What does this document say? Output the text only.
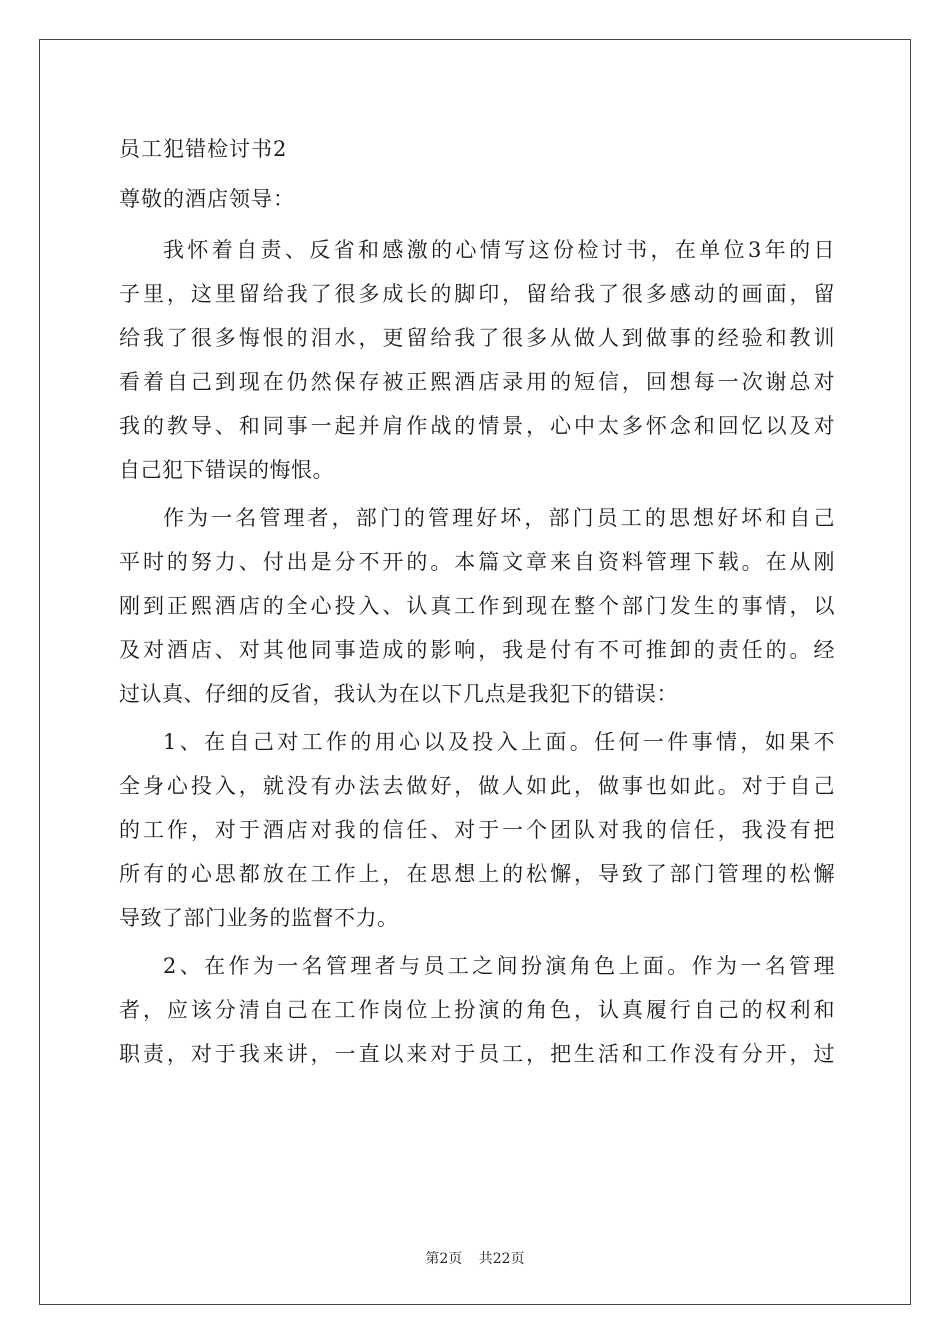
员工犯错检讨书2
尊敬的酒店领导：
我怀着自责、反省和感激的心情写这份检讨书，在单位3年的日
子里，这里留给我了很多成长的脚印，留给我了很多感动的画面，留
给我了很多悔恨的泪水，更留给我了很多从做人到做事的经验和教训
看着自己到现在仍然保存被正熙酒店录用的短信，回想每一次谢总对
我的教导、和同事一起并肩作战的情景，心中太多怀念和回忆以及对
自己犯下错误的悔恨。
作为一名管理者，部门的管理好坏，部门员工的思想好坏和自己
平时的努力、付出是分不开的。本篇文章来自资料管理下载。在从刚
刚到正熙酒店的全心投入、认真工作到现在整个部门发生的事情，以
及对酒店、对其他同事造成的影响，我是付有不可推卸的责任的。经
过认真、仔细的反省，我认为在以下几点是我犯下的错误：
1、在自己对工作的用心以及投入上面。任何一件事情，如果不
全身心投入，就没有办法去做好，做人如此，做事也如此。对于自己
的工作，对于酒店对我的信任、对于一个团队对我的信任，我没有把
所有的心思都放在工作上，在思想上的松懈，导致了部门管理的松懈
导致了部门业务的监督不力。
2、在作为一名管理者与员工之间扮演角色上面。作为一名管理
者，应该分清自己在工作岗位上扮演的角色，认真履行自己的权利和
职责，对于我来讲，一直以来对于员工，把生活和工作没有分开，过
第2页 共22页
